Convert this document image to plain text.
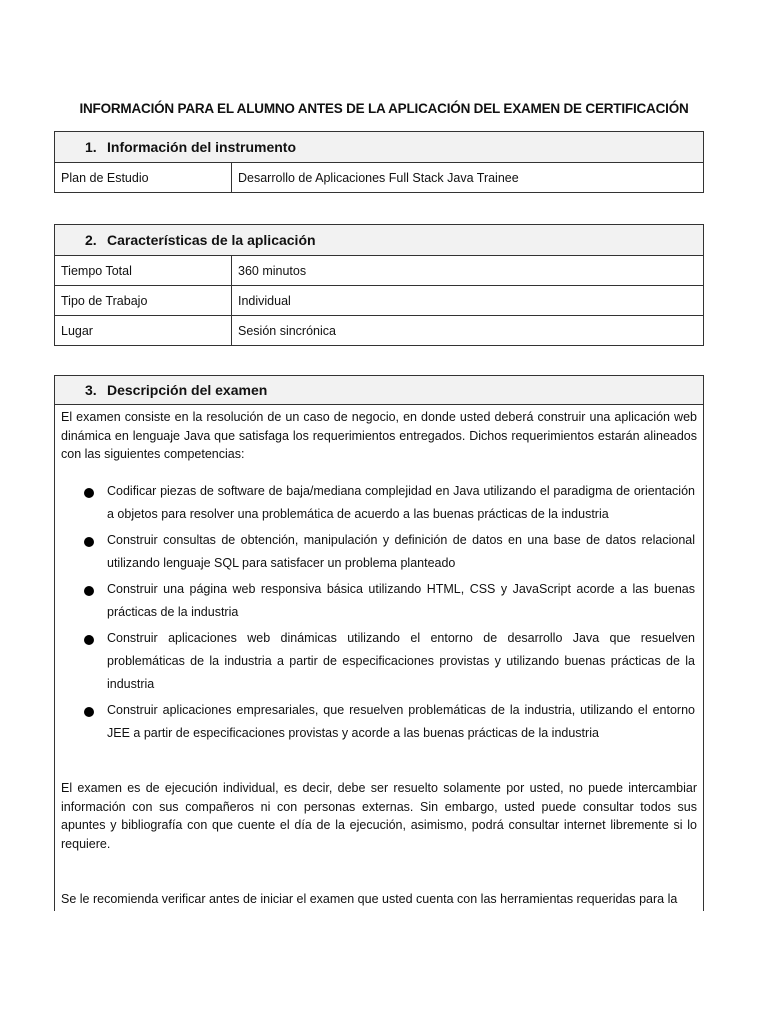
INFORMACIÓN PARA EL ALUMNO ANTES DE LA APLICACIÓN DEL EXAMEN DE CERTIFICACIÓN
1. Información del instrumento
Plan de Estudio	Desarrollo de Aplicaciones Full Stack Java Trainee
2. Características de la aplicación	
Tiempo Total	360 minutos
Tipo de Trabajo	Individual
Lugar	Sesión sincrónica
3. Descripción del examen
El examen consiste en la resolución de un caso de negocio, en donde usted deberá construir una aplicación web dinámica en lenguaje Java que satisfaga los requerimientos entregados. Dichos requerimientos estarán alineados con las siguientes competencias:
Codificar piezas de software de baja/mediana complejidad en Java utilizando el paradigma de orientación a objetos para resolver una problemática de acuerdo a las buenas prácticas de la industria
Construir consultas de obtención, manipulación y definición de datos en una base de datos relacional utilizando lenguaje SQL para satisfacer un problema planteado
Construir una página web responsiva básica utilizando HTML, CSS y JavaScript acorde a las buenas prácticas de la industria
Construir aplicaciones web dinámicas utilizando el entorno de desarrollo Java que resuelven problemáticas de la industria a partir de especificaciones provistas y utilizando buenas prácticas de la industria
Construir aplicaciones empresariales, que resuelven problemáticas de la industria, utilizando el entorno JEE a partir de especificaciones provistas y acorde a las buenas prácticas de la industria
El examen es de ejecución individual, es decir, debe ser resuelto solamente por usted, no puede intercambiar información con sus compañeros ni con personas externas. Sin embargo, usted puede consultar todos sus apuntes y bibliografía con que cuente el día de la ejecución, asimismo, podrá consultar internet libremente si lo requiere.
Se le recomienda verificar antes de iniciar el examen que usted cuenta con las herramientas requeridas para la
